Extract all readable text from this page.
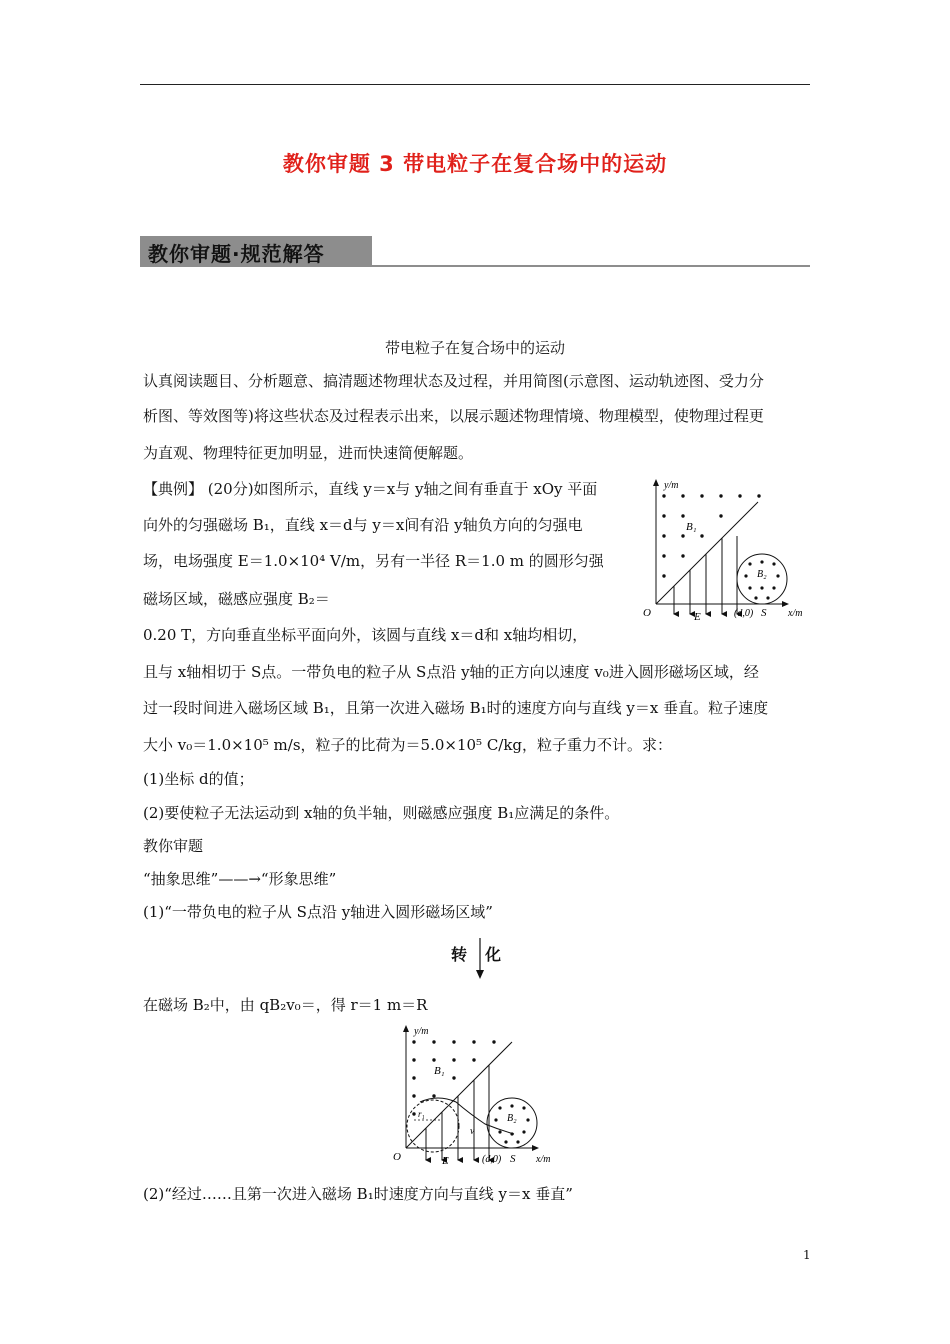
教你审题 3 带电粒子在复合场中的运动
教你审题·规范解答
带电粒子在复合场中的运动
认真阅读题目、分析题意、搞清题述物理状态及过程，并用简图(示意图、运动轨迹图、受力分
析图、等效图等)将这些状态及过程表示出来，以展示题述物理情境、物理模型，使物理过程更
为直观、物理特征更加明显，进而快速简便解题。
【典例】 (20分)如图所示，直线 y＝x与 y轴之间有垂直于 xOy 平面
向外的匀强磁场 B₁，直线 x＝d与 y＝x间有沿 y轴负方向的匀强电
场，电场强度 E＝1.0×10⁴ V/m，另有一半径 R＝1.0 m 的圆形匀强
磁场区域，磁感应强度 B₂＝
0.20 T，方向垂直坐标平面向外，该圆与直线 x＝d和 x轴均相切，
且与 x轴相切于 S点。一带负电的粒子从 S点沿 y轴的正方向以速度 v₀进入圆形磁场区域，经
过一段时间进入磁场区域 B₁，且第一次进入磁场 B₁时的速度方向与直线 y＝x 垂直。粒子速度
大小 v₀＝1.0×10⁵ m/s，粒子的比荷为＝5.0×10⁵ C/kg，粒子重力不计。求：
(1)坐标 d的值；
(2)要使粒子无法运动到 x轴的负半轴，则磁感应强度 B₁应满足的条件。
教你审题
“抽象思维”——→“形象思维”
(1)“一带负电的粒子从 S点沿 y轴进入圆形磁场区域”
转 化
在磁场 B₂中，由 qB₂v₀＝，得 r＝1 m＝R
(2)“经过……且第一次进入磁场 B₁时速度方向与直线 y＝x 垂直”
y/m
x/m
O
B₁
B₂
E	(d,0) S
y/m
x/m
O
B₁
B₂
r₁
v
E	(d,0) S
1
